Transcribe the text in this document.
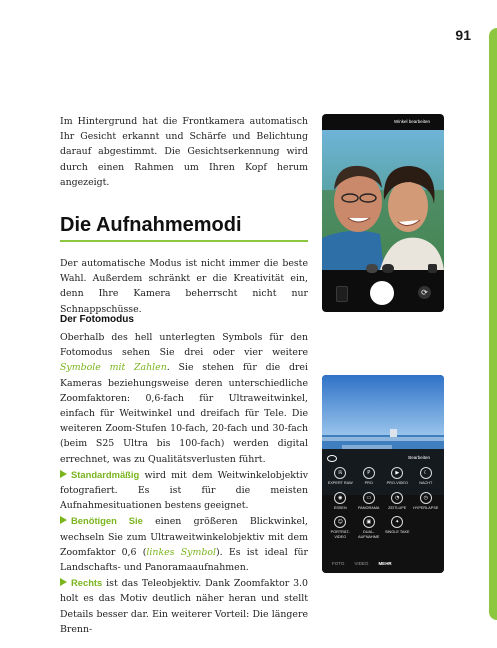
91
Im Hintergrund hat die Frontkamera automatisch Ihr Gesicht erkannt und Schärfe und Belichtung darauf abgestimmt. Die Gesichtserkennung wird durch einen Rahmen um Ihren Kopf herum angezeigt.
Die Aufnahmemodi
Der automatische Modus ist nicht immer die beste Wahl. Außerdem schränkt er die Kreativität ein, denn Ihre Kamera beherrscht nicht nur Schnappschüsse.
Der Fotomodus
Oberhalb des hell unterlegten Symbols für den Fotomodus sehen Sie drei oder vier weitere Symbole mit Zahlen. Sie stehen für die drei Kameras beziehungsweise deren unterschiedliche Zoomfaktoren: 0,6-fach für Ultraweitwinkel, einfach für Weitwinkel und dreifach für Tele. Die weiteren Zoom-Stufen 10-fach, 20-fach und 30-fach (beim S25 Ultra bis 100-fach) werden digital errechnet, was zu Qualitätsverlusten führt.
Standardmäßig wird mit dem Weitwinkelobjektiv fotografiert. Es ist für die meisten Aufnahmesituationen bestens geeignet.
Benötigen Sie einen größeren Blickwinkel, wechseln Sie zum Ultraweitwinkelobjektiv mit dem Zoomfaktor 0,6 (linkes Symbol). Es ist ideal für Landschafts- und Panoramaaufnahmen.
Rechts ist das Teleobjektiv. Dank Zoomfaktor 3.0 holt es das Motiv deutlich näher heran und stellt Details besser dar. Ein weiterer Vorteil: Die längere Brenn-
Winkel bearbeiten
⟳
Bearbeiten
ℝ
EXPERT RAW
P
PRO
▶
PRO-VIDEO
☾
NACHT
◉
ESSEN
▭
PANORAMA
◔
ZEITLUPE
◷
HYPERLAPSE
☺
PORTRÄT-VIDEO
▣
DUAL-AUFNAHME
✦
SINGLE TAKE
FOTO VIDEO MEHR
